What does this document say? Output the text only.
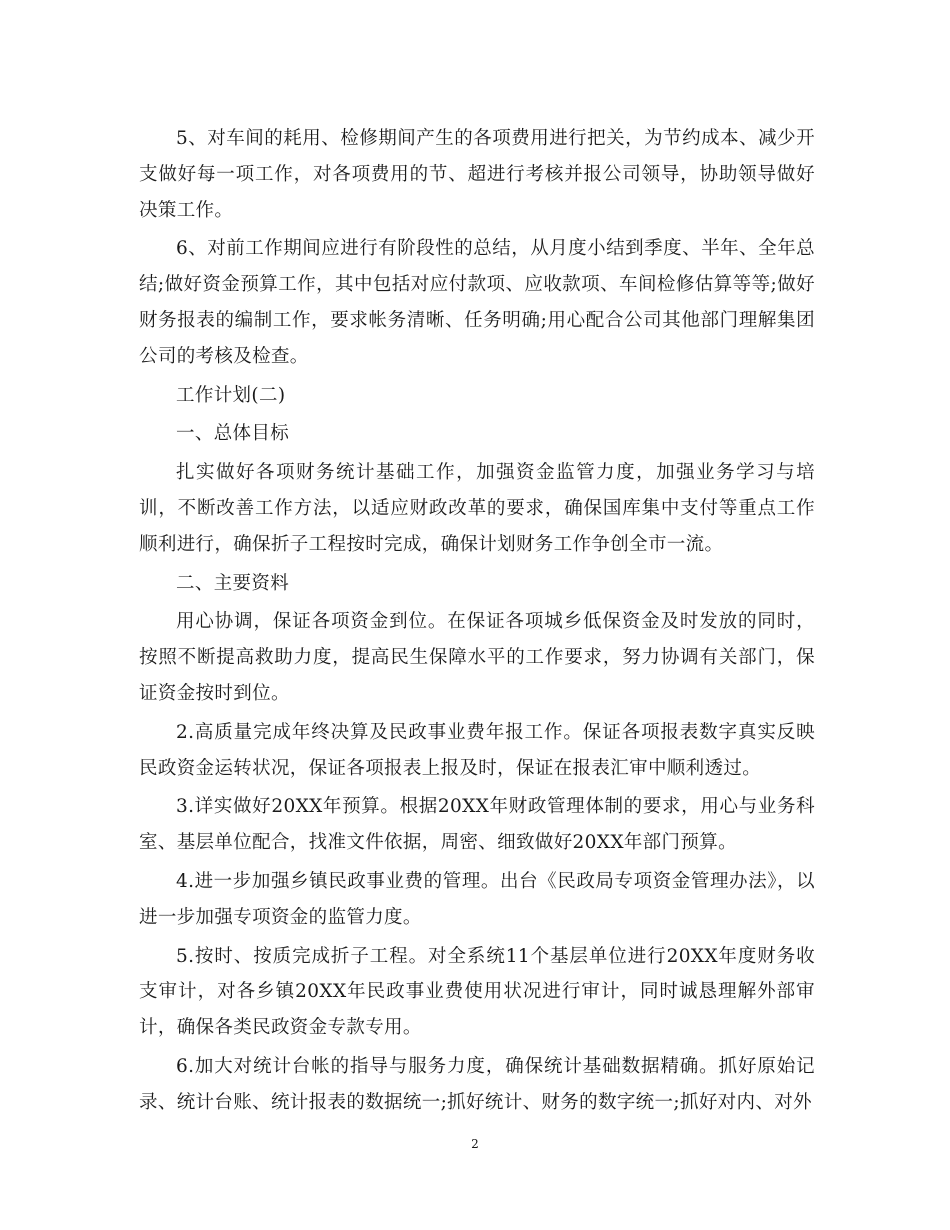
5、对车间的耗用、检修期间产生的各项费用进行把关，为节约成本、减少开支做好每一项工作，对各项费用的节、超进行考核并报公司领导，协助领导做好决策工作。

6、对前工作期间应进行有阶段性的总结，从月度小结到季度、半年、全年总结;做好资金预算工作，其中包括对应付款项、应收款项、车间检修估算等等;做好财务报表的编制工作，要求帐务清晰、任务明确;用心配合公司其他部门理解集团公司的考核及检查。

工作计划(二)

一、总体目标

扎实做好各项财务统计基础工作，加强资金监管力度，加强业务学习与培训，不断改善工作方法，以适应财政改革的要求，确保国库集中支付等重点工作顺利进行，确保折子工程按时完成，确保计划财务工作争创全市一流。

二、主要资料

用心协调，保证各项资金到位。在保证各项城乡低保资金及时发放的同时，按照不断提高救助力度，提高民生保障水平的工作要求，努力协调有关部门，保证资金按时到位。

2.高质量完成年终决算及民政事业费年报工作。保证各项报表数字真实反映民政资金运转状况，保证各项报表上报及时，保证在报表汇审中顺利透过。

3.详实做好20XX年预算。根据20XX年财政管理体制的要求，用心与业务科室、基层单位配合，找准文件依据，周密、细致做好20XX年部门预算。

4.进一步加强乡镇民政事业费的管理。出台《民政局专项资金管理办法》，以进一步加强专项资金的监管力度。

5.按时、按质完成折子工程。对全系统11个基层单位进行20XX年度财务收支审计，对各乡镇20XX年民政事业费使用状况进行审计，同时诚恳理解外部审计，确保各类民政资金专款专用。

6.加大对统计台帐的指导与服务力度，确保统计基础数据精确。抓好原始记录、统计台账、统计报表的数据统一;抓好统计、财务的数字统一;抓好对内、对外

2
